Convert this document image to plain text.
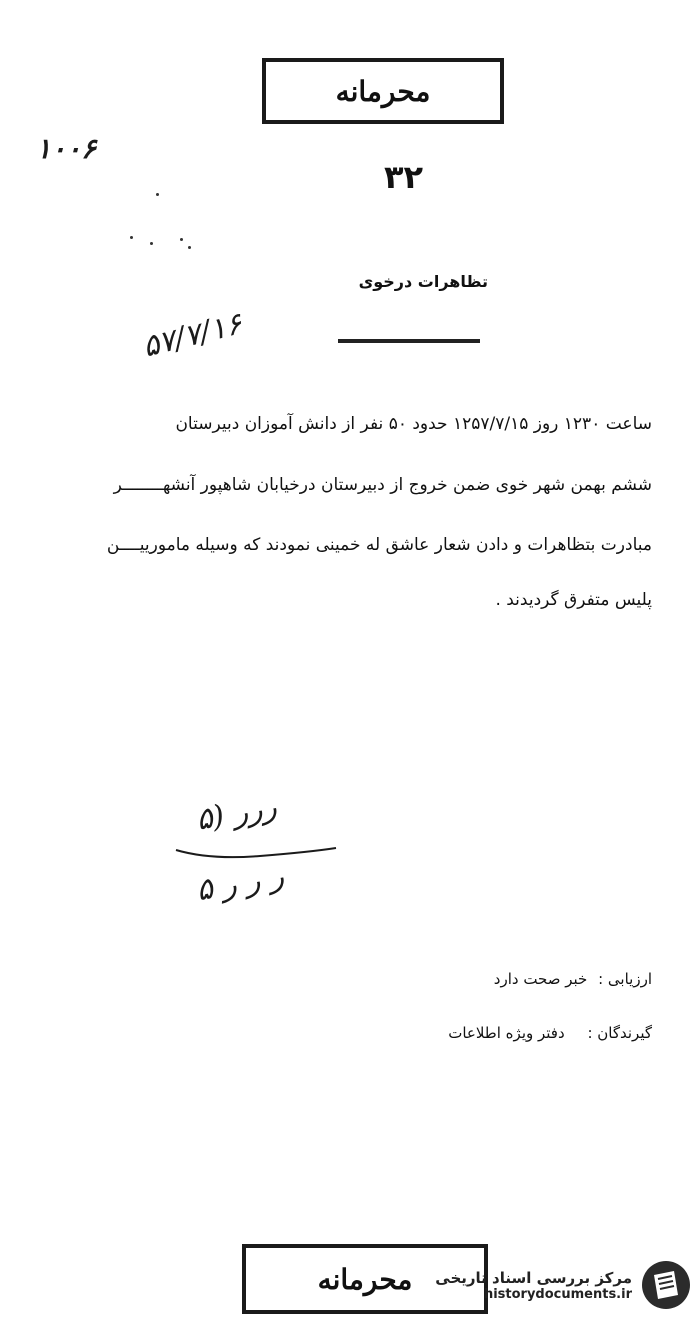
محرمانه
۱۰۰۶
۳۲
تظاهرات درخوی
۵۷/۷/۱۶
ساعت ۱۲۳۰ روز ۱۲۵۷/۷/۱۵ حدود ۵۰ نفر از دانش آموزان دبیرستان
ششم بهمن شهر خوی ضمن خروج از دبیرستان درخیابان شاهپور آنشهــــــــر
مبادرت بتظاهرات و دادن شعار عاشق له خمینی نمودند که وسیله مامورییــــن
پلیس متفرق گردیدند .
۵) ررر
۵ ر ر ر
ارزیابی : خبر صحت دارد
گیرندگان : دفتر ویژه اطلاعات
محرمانه مرکز بررسی اسناد تاریخی
historydocuments.ir
